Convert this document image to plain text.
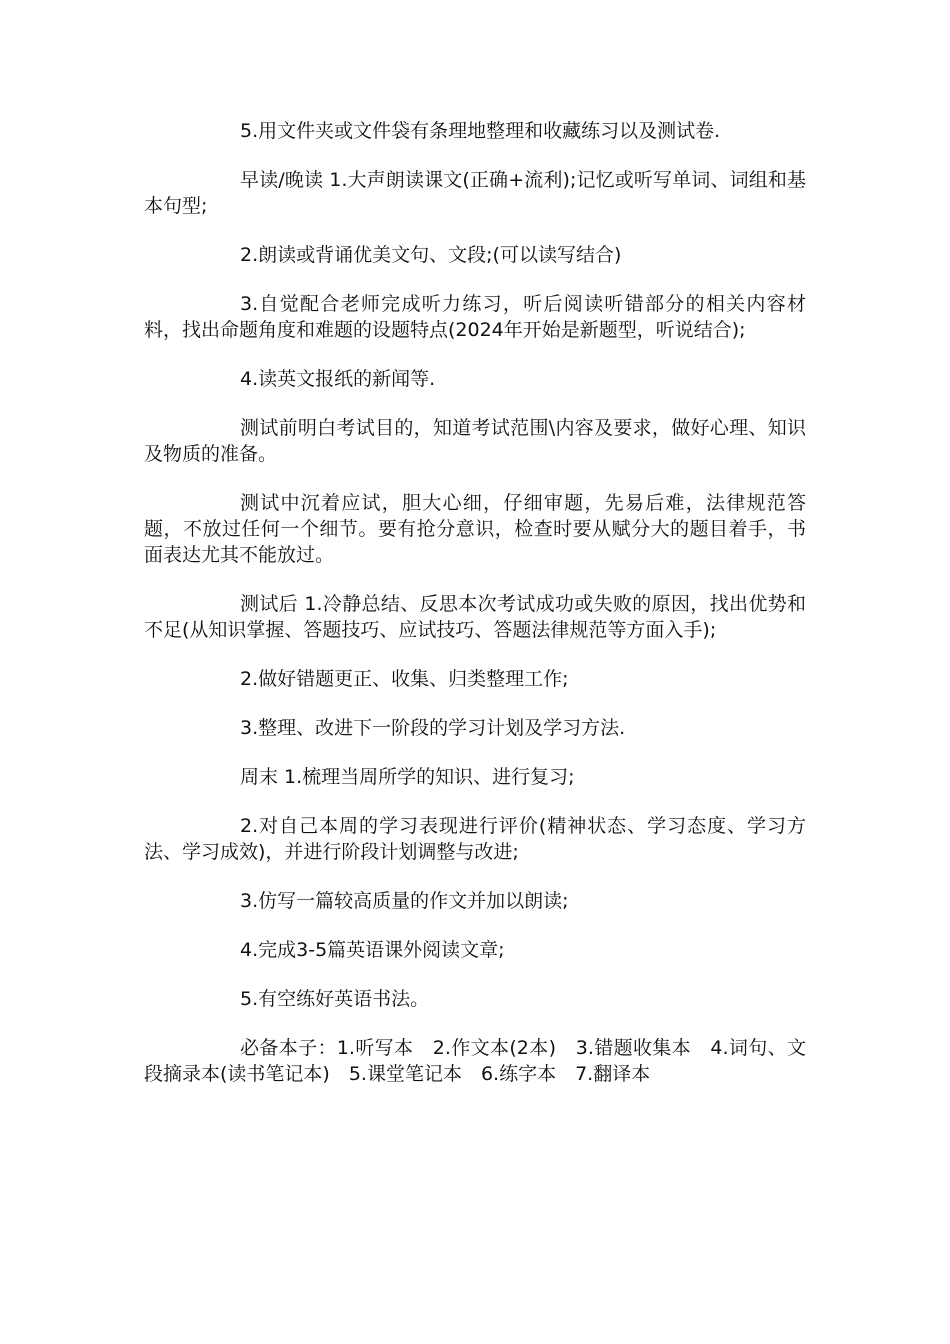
5.用文件夹或文件袋有条理地整理和收藏练习以及测试卷.

早读/晚读 1.大声朗读课文(正确+流利);记忆或听写单词、词组和基本句型;

2.朗读或背诵优美文句、文段;(可以读写结合)

3.自觉配合老师完成听力练习，听后阅读听错部分的相关内容材料，找出命题角度和难题的设题特点(2024年开始是新题型，听说结合);

4.读英文报纸的新闻等.

测试前明白考试目的，知道考试范围\内容及要求，做好心理、知识及物质的准备。

测试中沉着应试，胆大心细，仔细审题，先易后难，法律规范答题，不放过任何一个细节。要有抢分意识，检查时要从赋分大的题目着手，书面表达尤其不能放过。

测试后 1.冷静总结、反思本次考试成功或失败的原因，找出优势和不足(从知识掌握、答题技巧、应试技巧、答题法律规范等方面入手);

2.做好错题更正、收集、归类整理工作;

3.整理、改进下一阶段的学习计划及学习方法.

周末 1.梳理当周所学的知识、进行复习;

2.对自己本周的学习表现进行评价(精神状态、学习态度、学习方法、学习成效)，并进行阶段计划调整与改进;

3.仿写一篇较高质量的作文并加以朗读;

4.完成3-5篇英语课外阅读文章;

5.有空练好英语书法。

必备本子：1.听写本　2.作文本(2本)　3.错题收集本　4.词句、文段摘录本(读书笔记本)　5.课堂笔记本　6.练字本　7.翻译本
